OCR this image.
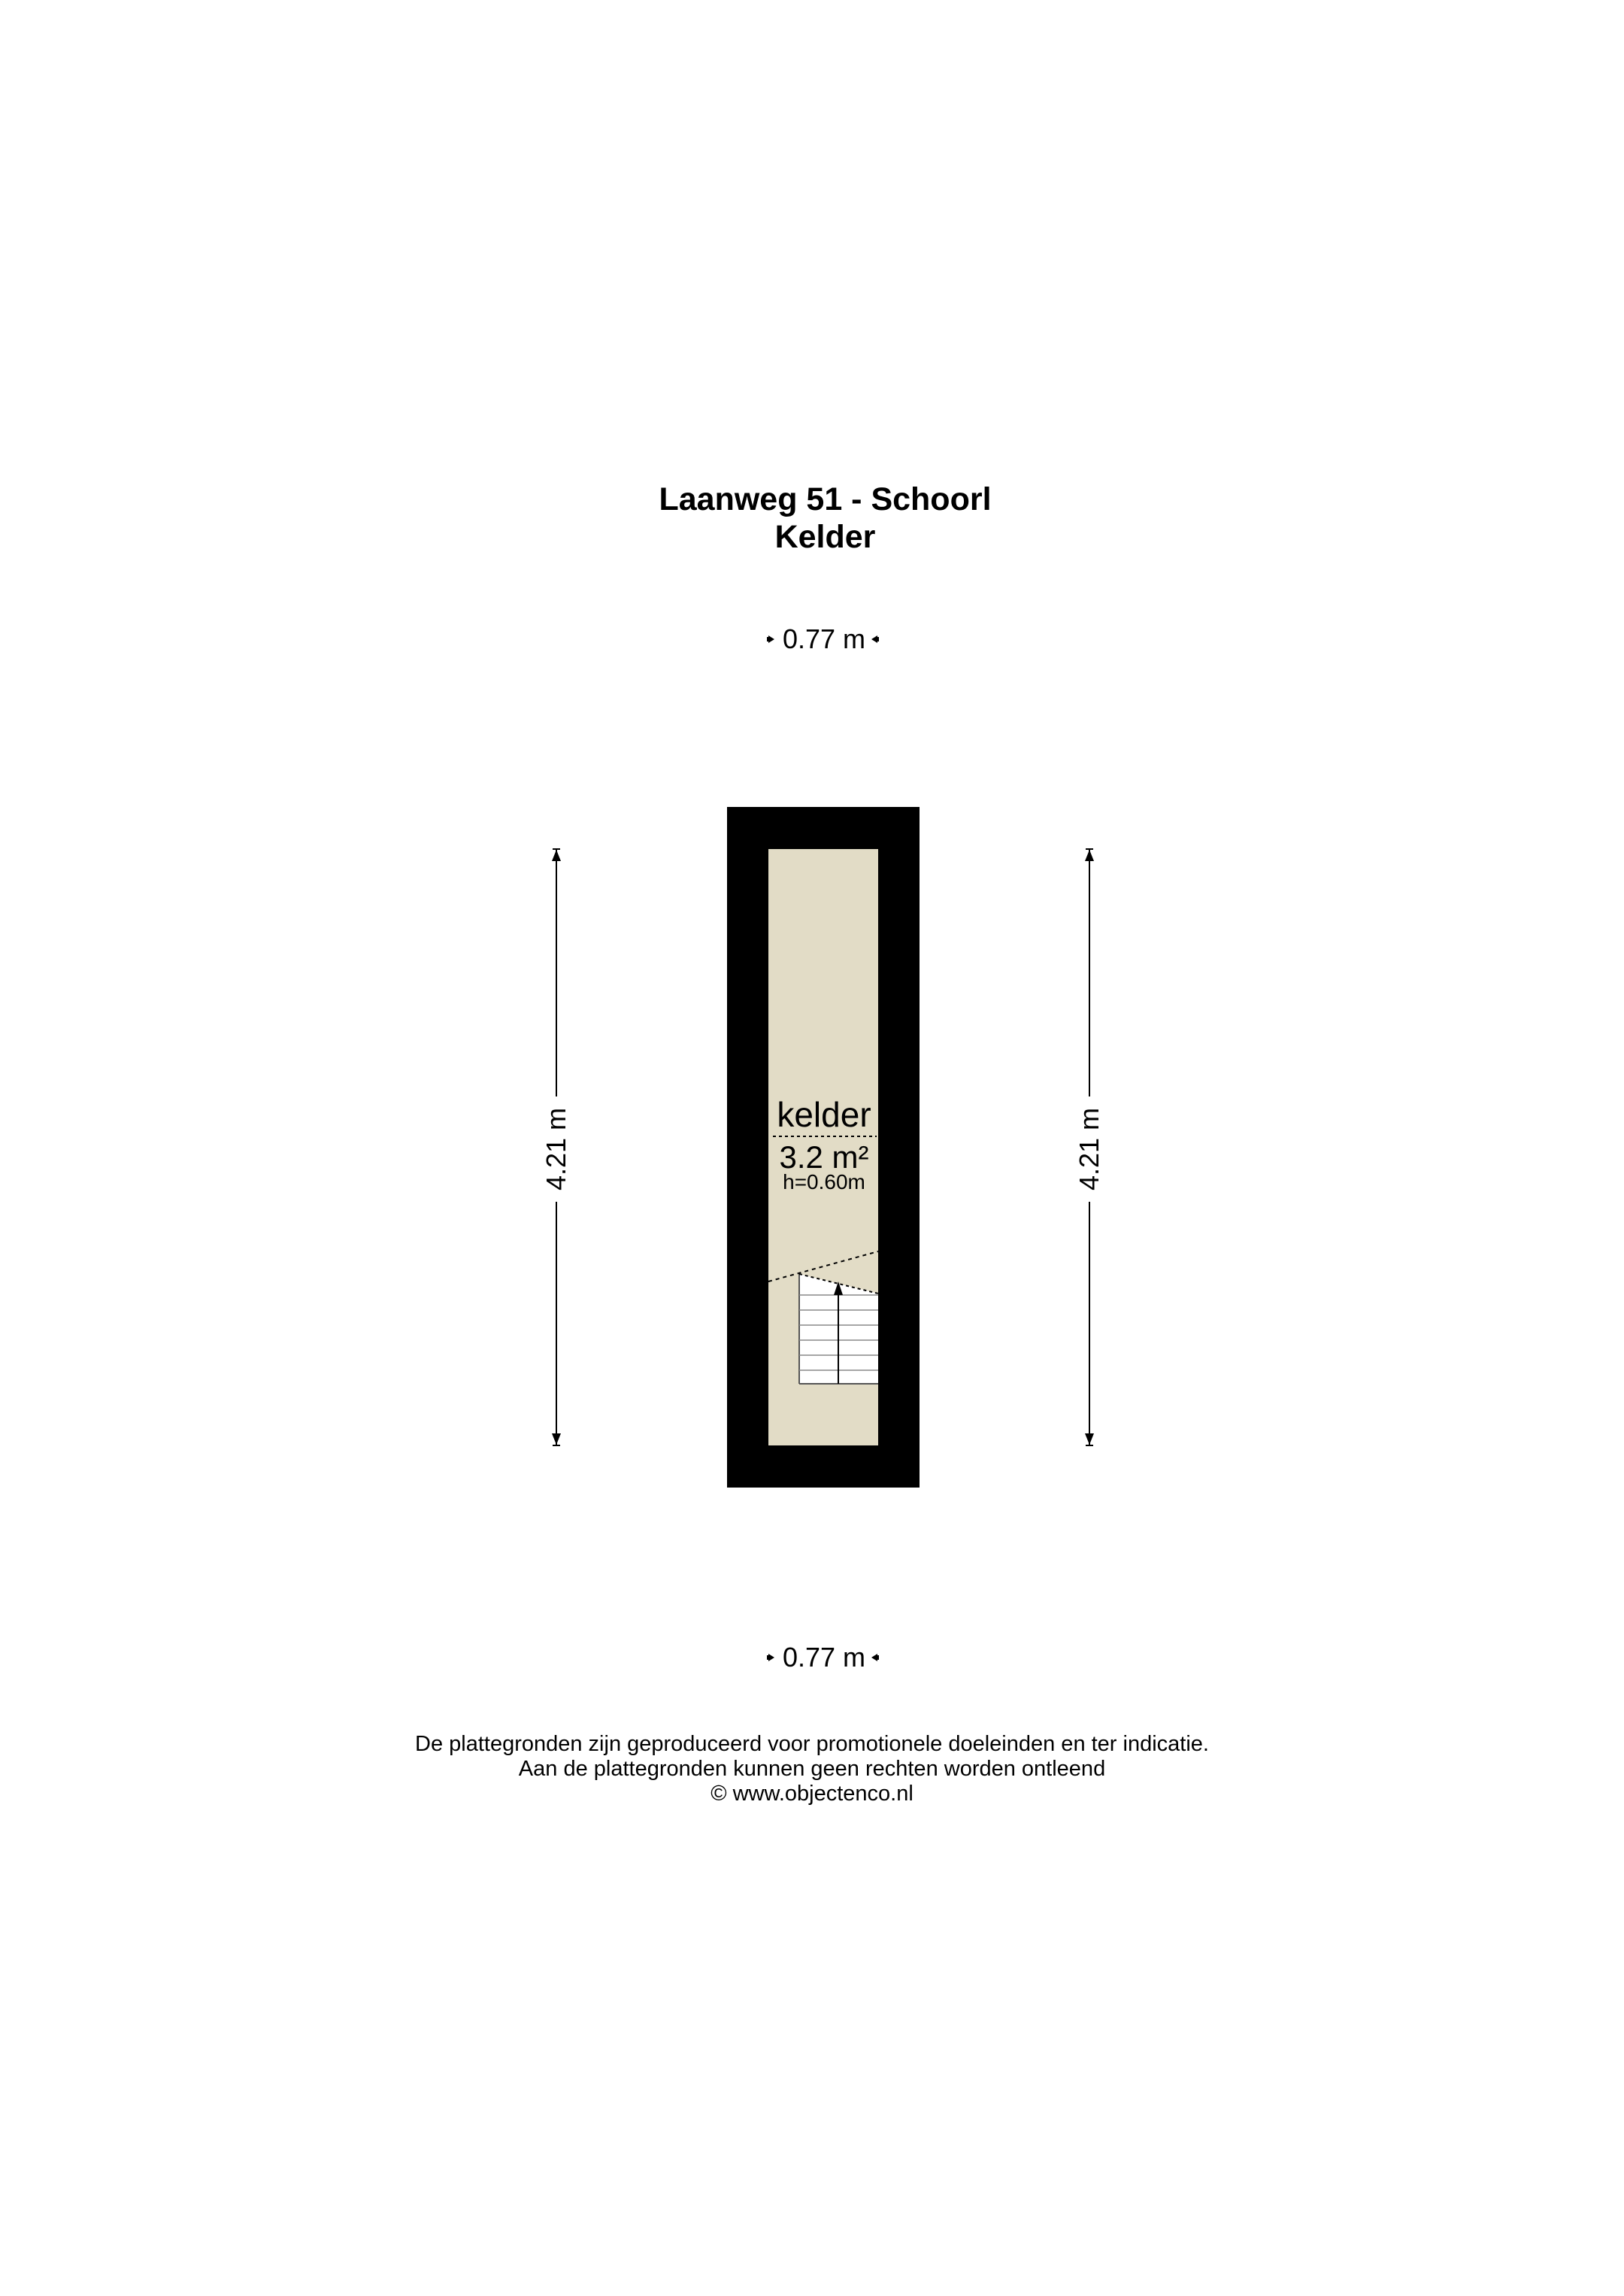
Laanweg 51 - Schoorl
Kelder
0.77 m
kelder
3.2 m²
h=0.60m
4.21 m	4.21 m
0.77 m
De plattegronden zijn geproduceerd voor promotionele doeleinden en ter indicatie.
Aan de plattegronden kunnen geen rechten worden ontleend
© www.objectenco.nl
